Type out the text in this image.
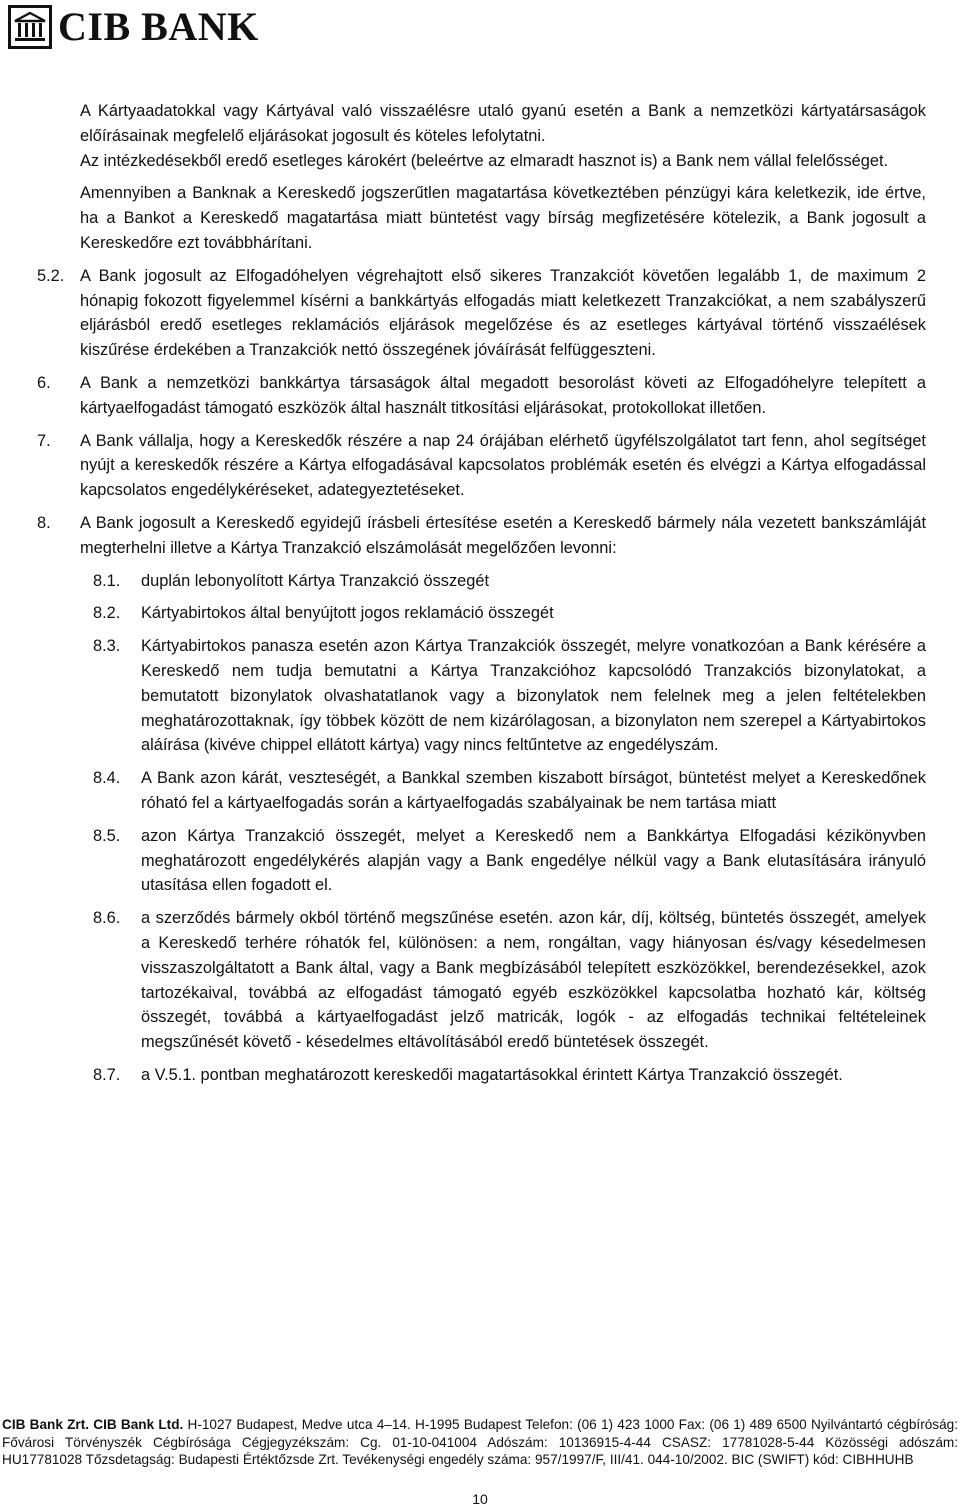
CIB BANK

A Kártyaadatokkal vagy Kártyával való visszaélésre utaló gyanú esetén a Bank a nemzetközi kártyatársaságok előírásainak megfelelő eljárásokat jogosult és köteles lefolytatni.

Az intézkedésekből eredő esetleges károkért (beleértve az elmaradt hasznot is) a Bank nem vállal felelősséget.

Amennyiben a Banknak a Kereskedő jogszerűtlen magatartása következtében pénzügyi kára keletkezik, ide értve, ha a Bankot a Kereskedő magatartása miatt büntetést vagy bírság megfizetésére kötelezik, a Bank jogosult a Kereskedőre ezt továbbhárítani.

5.2. A Bank jogosult az Elfogadóhelyen végrehajtott első sikeres Tranzakciót követően legalább 1, de maximum 2 hónapig fokozott figyelemmel kísérni a bankkártyás elfogadás miatt keletkezett Tranzakciókat, a nem szabályszerű eljárásból eredő esetleges reklamációs eljárások megelőzése és az esetleges kártyával történő visszaélések kiszűrése érdekében a Tranzakciók nettó összegének jóváírását felfüggeszteni.
6. A Bank a nemzetközi bankkártya társaságok által megadott besorolást követi az Elfogadóhelyre telepített a kártyaelfogadást támogató eszközök által használt titkosítási eljárásokat, protokollokat illetően.
7. A Bank vállalja, hogy a Kereskedők részére a nap 24 órájában elérhető ügyfélszolgálatot tart fenn, ahol segítséget nyújt a kereskedők részére a Kártya elfogadásával kapcsolatos problémák esetén és elvégzi a Kártya elfogadással kapcsolatos engedélykéréseket, adategyeztetéseket.
8. A Bank jogosult a Kereskedő egyidejű írásbeli értesítése esetén a Kereskedő bármely nála vezetett bankszámláját megterhelni illetve a Kártya Tranzakció elszámolását megelőzően levonni:
8.1. duplán lebonyolított Kártya Tranzakció összegét
8.2. Kártyabirtokos által benyújtott jogos reklamáció összegét
8.3. Kártyabirtokos panasza esetén azon Kártya Tranzakciók összegét, melyre vonatkozóan a Bank kérésére a Kereskedő nem tudja bemutatni a Kártya Tranzakcióhoz kapcsolódó Tranzakciós bizonylatokat, a bemutatott bizonylatok olvashatatlanok vagy a bizonylatok nem felelnek meg a jelen feltételekben meghatározottaknak, így többek között de nem kizárólagosan, a bizonylaton nem szerepel a Kártyabirtokos aláírása (kivéve chippel ellátott kártya) vagy nincs feltűntetve az engedélyszám.
8.4. A Bank azon kárát, veszteségét, a Bankkal szemben kiszabott bírságot, büntetést melyet a Kereskedőnek róható fel a kártyaelfogadás során a kártyaelfogadás szabályainak be nem tartása miatt
8.5. azon Kártya Tranzakció összegét, melyet a Kereskedő nem a Bankkártya Elfogadási kézikönyvben meghatározott engedélykérés alapján vagy a Bank engedélye nélkül vagy a Bank elutasítására irányuló utasítása ellen fogadott el.
8.6. a szerződés bármely okból történő megszűnése esetén. azon kár, díj, költség, büntetés összegét, amelyek a Kereskedő terhére róhatók fel, különösen: a nem, rongáltan, vagy hiányosan és/vagy késedelmesen visszaszolgáltatott a Bank által, vagy a Bank megbízásából telepített eszközökkel, berendezésekkel, azok tartozékaival, továbbá az elfogadást támogató egyéb eszközökkel kapcsolatba hozható kár, költség összegét, továbbá a kártyaelfogadást jelző matricák, logók - az elfogadás technikai feltételeinek megszűnését követő - késedelmes eltávolításából eredő büntetések összegét.
8.7. a V.5.1. pontban meghatározott kereskedői magatartásokkal érintett Kártya Tranzakció összegét.
CIB Bank Zrt. CIB Bank Ltd. H-1027 Budapest, Medve utca 4–14. H-1995 Budapest Telefon: (06 1) 423 1000 Fax: (06 1) 489 6500 Nyilvántartó cégbíróság: Fővárosi Törvényszék Cégbírósága Cégjegyzékszám: Cg. 01-10-041004 Adószám: 10136915-4-44 CSASZ: 17781028-5-44 Közösségi adószám: HU17781028 Tőzsdetagság: Budapesti Értéktőzsde Zrt. Tevékenységi engedély száma: 957/1997/F, III/41. 044-10/2002. BIC (SWIFT) kód: CIBHHUHB
10
